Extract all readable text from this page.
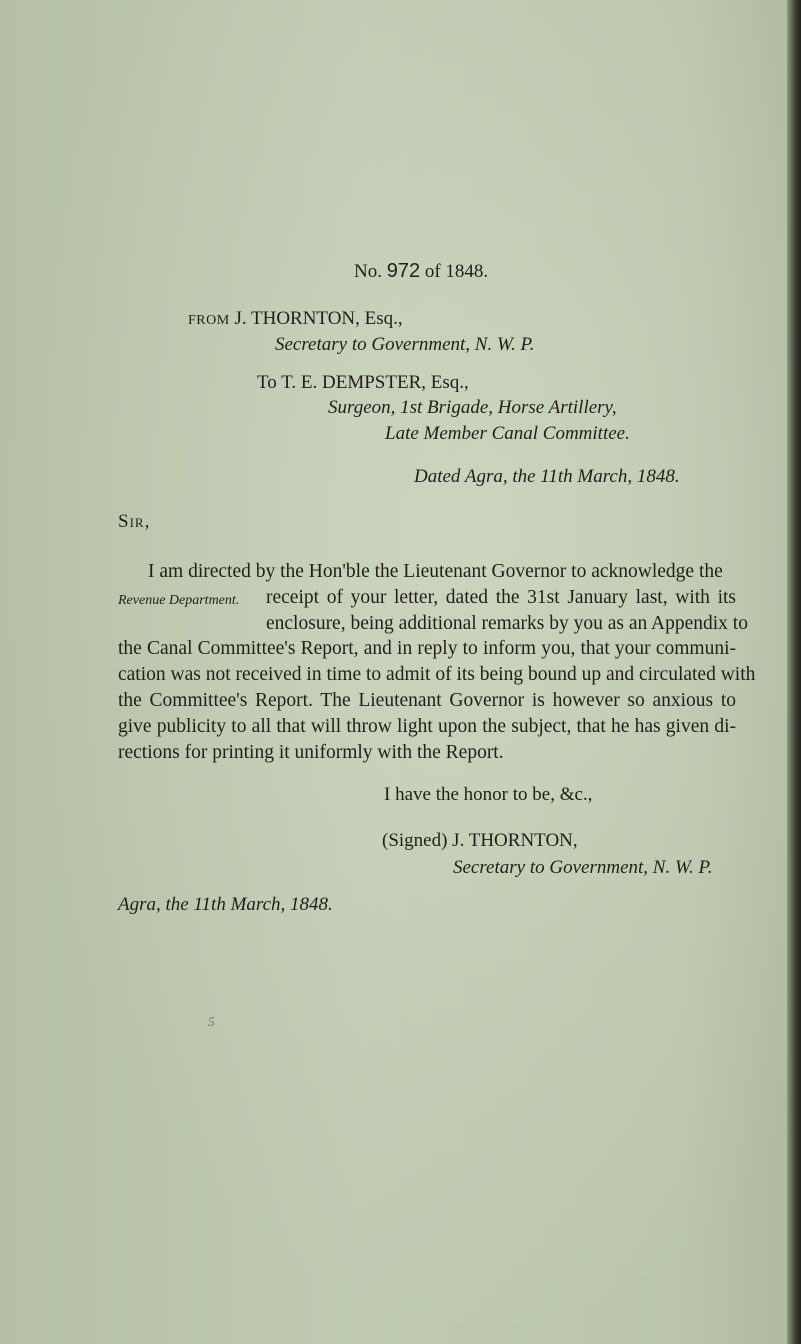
No. 972 of 1848.
FROM J. THORNTON, Esq.,
Secretary to Government, N. W. P.
To T. E. DEMPSTER, Esq.,
Surgeon, 1st Brigade, Horse Artillery,
Late Member Canal Committee.
Dated Agra, the 11th March, 1848.
Sir,
Revenue Department.
I am directed by the Hon'ble the Lieutenant Governor to acknowledge the
receipt of your letter, dated the 31st January last, with its
enclosure, being additional remarks by you as an Appendix to
the Canal Committee's Report, and in reply to inform you, that your communi-
cation was not received in time to admit of its being bound up and circulated with
the Committee's Report. The Lieutenant Governor is however so anxious to
give publicity to all that will throw light upon the subject, that he has given di-
rections for printing it uniformly with the Report.
I have the honor to be, &c.,
(Signed) J. THORNTON,
Secretary to Government, N. W. P.
Agra, the 11th March, 1848.
5
